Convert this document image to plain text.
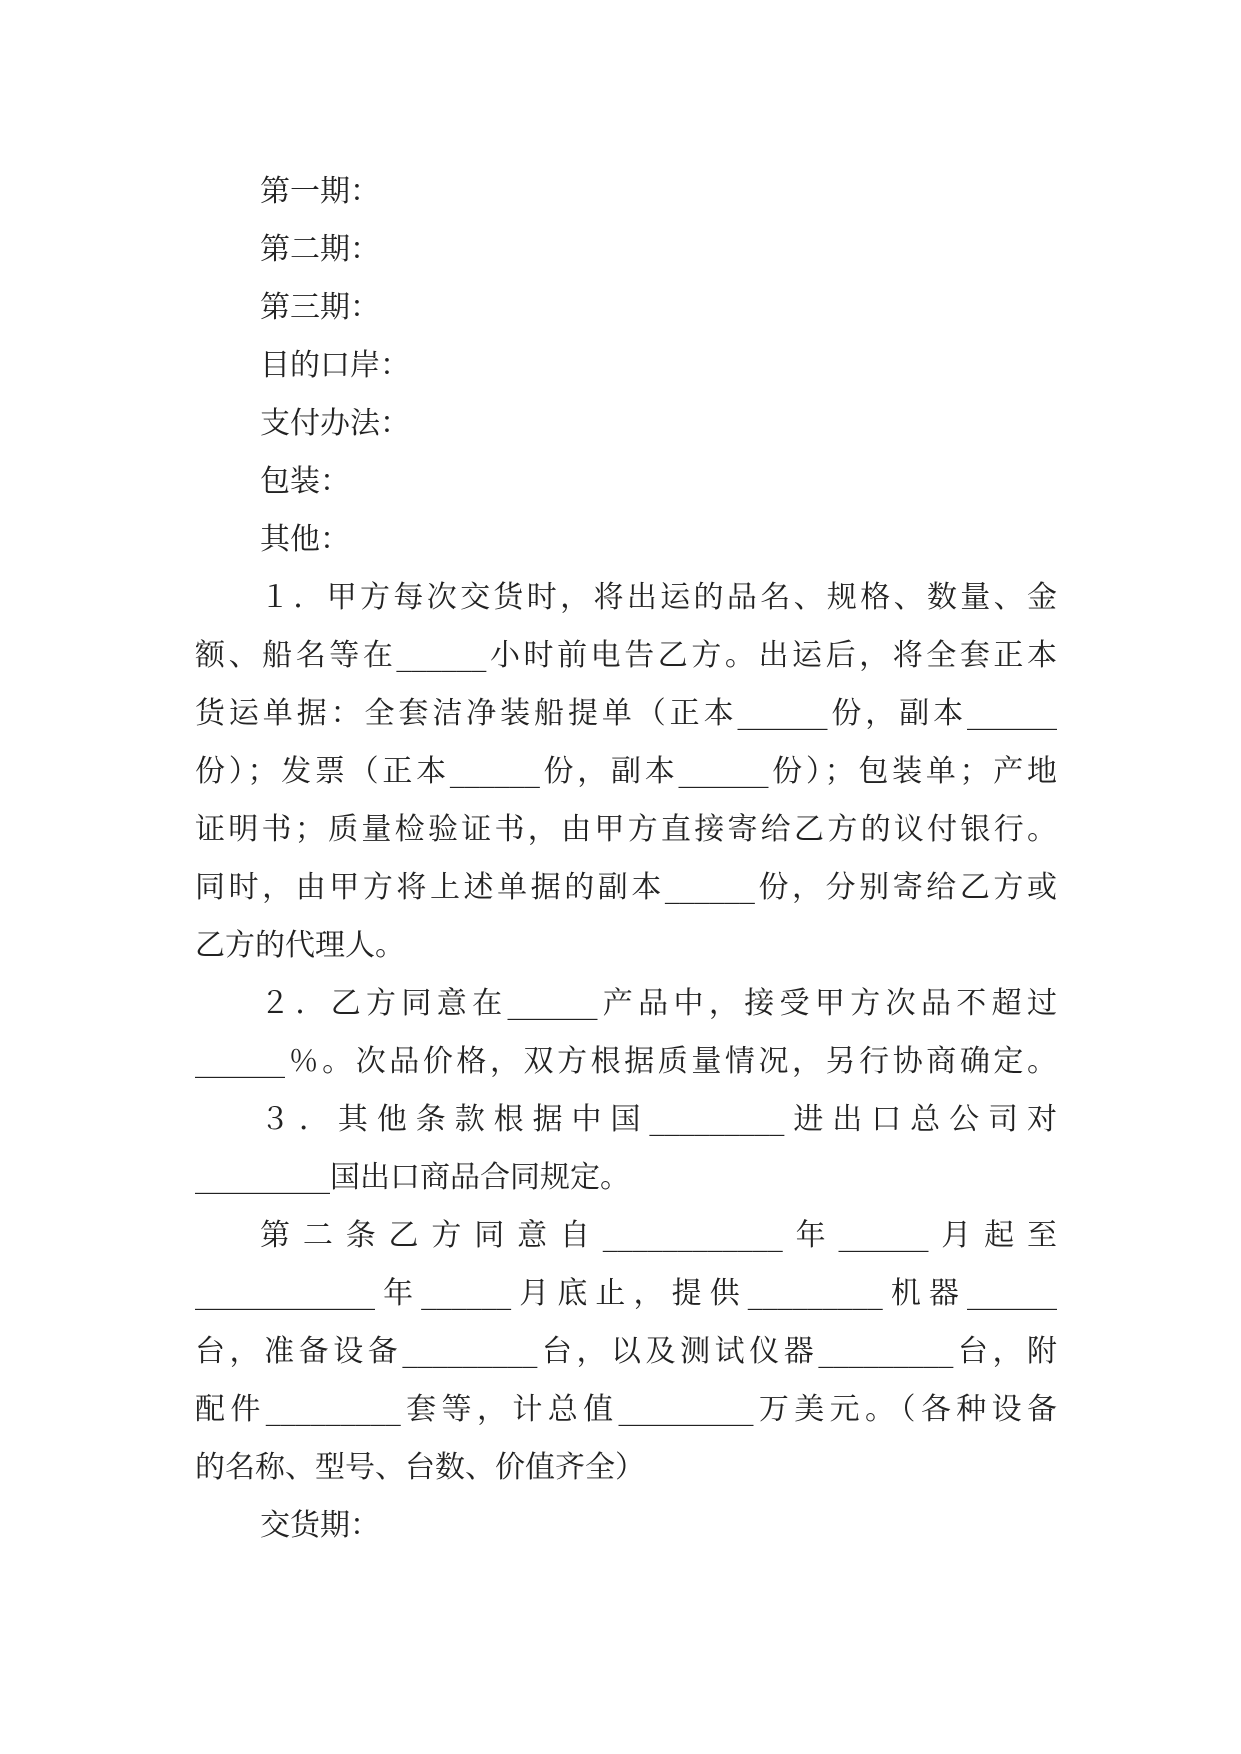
第一期：
第二期：
第三期：
目的口岸：
支付办法：
包装：
其他：
１．甲方每次交货时，将出运的品名、规格、数量、金
额、船名等在______小时前电告乙方。出运后，将全套正本
货运单据：全套洁净装船提单（正本______份，副本______
份）；发票（正本______份，副本______份）；包装单；产地
证明书；质量检验证书，由甲方直接寄给乙方的议付银行。
同时，由甲方将上述单据的副本______份，分别寄给乙方或
乙方的代理人。
２．乙方同意在______产品中，接受甲方次品不超过
______％。次品价格，双方根据质量情况，另行协商确定。
３．其他条款根据中国_________进出口总公司对
_________国出口商品合同规定。
第二条乙方同意自____________年______月起至
____________年______月底止，提供_________机器______
台，准备设备_________台，以及测试仪器_________台，附
配件_________套等，计总值_________万美元。（各种设备
的名称、型号、台数、价值齐全）
交货期：
